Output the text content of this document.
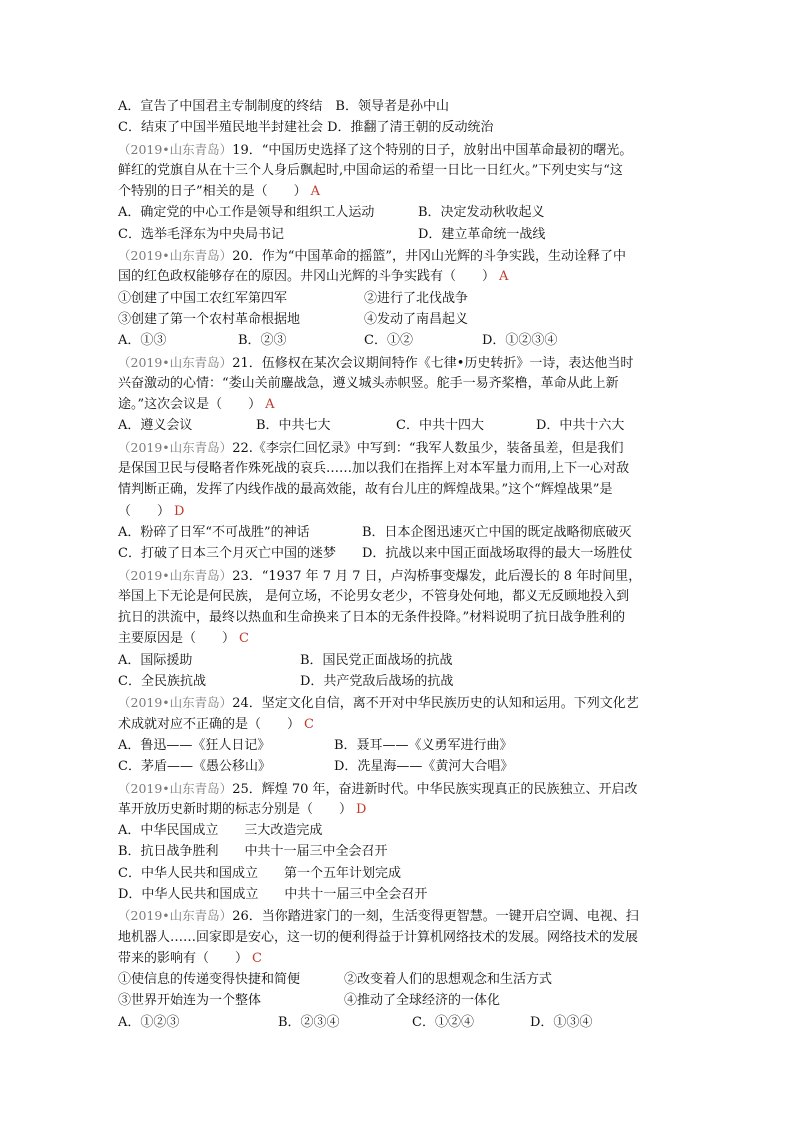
A．宣告了中国君主专制制度的终结　 B．领导者是孙中山
C．结束了中国半殖民地半封建社会 D．推翻了清王朝的反动统治
（2019•山东青岛）19．“中国历史选择了这个特别的日子，放射出中国革命最初的曙光。
鲜红的党旗自从在十三个人身后飘起时,中国命运的希望一日比一日红火。”下列史实与“这
个特别的日子”相关的是（　　） A
A．确定党的中心工作是领导和组织工人运动	B．决定发动秋收起义
C．选举毛泽东为中央局书记	D．建立革命统一战线
（2019•山东青岛）20．作为“中国革命的摇篮”，井冈山光辉的斗争实践，生动诠释了中
国的红色政权能够存在的原因。井冈山光辉的斗争实践有（　　） A
①创建了中国工农红军第四军	②进行了北伐战争
③创建了第一个农村革命根据地	④发动了南昌起义
A．①③	B．②③	C．①②	D．①②③④
（2019•山东青岛）21．伍修权在某次会议期间特作《七律•历史转折》一诗，表达他当时
兴奋激动的心情：“娄山关前鏖战急，遵义城头赤帜竖。舵手一易齐桨橹，革命从此上新
途。”这次会议是（　　） A
A．遵义会议	B．中共七大	C．中共十四大	D．中共十六大
（2019•山东青岛）22.《李宗仁回忆录》中写到：“我军人数虽少，装备虽差，但是我们
是保国卫民与侵略者作殊死战的哀兵……加以我们在指挥上对本军量力而用,上下一心对敌
情判断正确，发挥了内线作战的最高效能，故有台儿庄的辉煌战果。”这个“辉煌战果”是
（　　） D
A．粉碎了日军“不可战胜”的神话	B．日本企图迅速灭亡中国的既定战略彻底破灭
C．打破了日本三个月灭亡中国的迷梦 D．抗战以来中国正面战场取得的最大一场胜仗
（2019•山东青岛）23．“1937 年 7 月 7 日，卢沟桥事变爆发，此后漫长的 8 年时间里，
举国上下无论是何民族， 是何立场，不论男女老少，不管身处何地，都义无反顾地投入到
抗日的洪流中，最终以热血和生命换来了日本的无条件投降。”材料说明了抗日战争胜利的
主要原因是（　　） C
A．国际援助	B．国民党正面战场的抗战
C．全民族抗战	D．共产党敌后战场的抗战
（2019•山东青岛）24．坚定文化自信，离不开对中华民族历史的认知和运用。下列文化艺
术成就对应不正确的是（　　） C
A．鲁迅——《狂人日记》	B．聂耳——《义勇军进行曲》
C．茅盾——《愚公移山》	D．冼星海——《黄河大合唱》
（2019•山东青岛）25．辉煌 70 年，奋进新时代。中华民族实现真正的民族独立、开启改
革开放历史新时期的标志分别是（　　） D
A．中华民国成立　　三大改造完成
B．抗日战争胜利　　中共十一届三中全会召开
C．中华人民共和国成立　　第一个五年计划完成
D．中华人民共和国成立　　中共十一届三中全会召开
（2019•山东青岛）26．当你踏进家门的一刻，生活变得更智慧。一键开启空调、电视、扫
地机器人……回家即是安心，这一切的便利得益于计算机网络技术的发展。网络技术的发展
带来的影响有（　　） C
①使信息的传递变得快捷和简便	②改变着人们的思想观念和生活方式
③世界开始连为一个整体	④推动了全球经济的一体化
A．①②③	B．②③④	C．①②④	D．①③④
